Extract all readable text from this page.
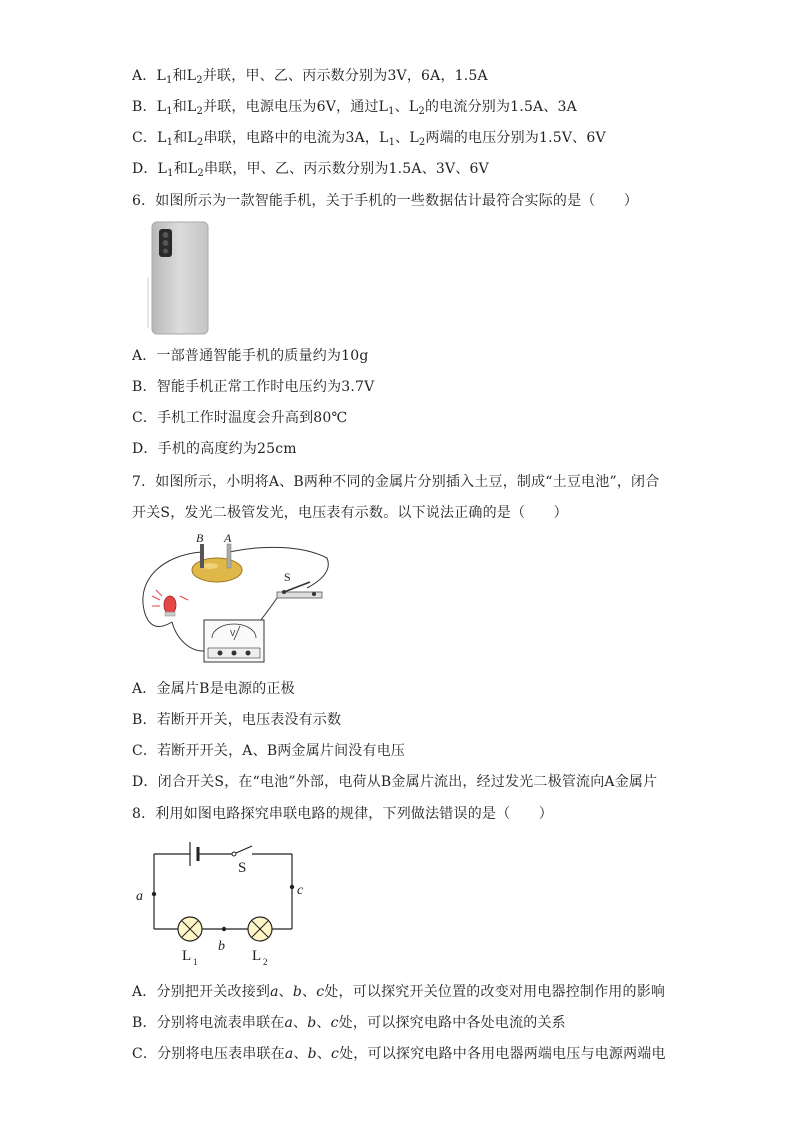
A．$L_1$和$L_2$并联，甲、乙、丙示数分别为3V，6A，1.5A
B．$L_1$和$L_2$并联，电源电压为6V，通过$L_1$、$L_2$的电流分别为1.5A、3A
C．$L_1$和$L_2$串联，电路中的电流为3A，$L_1$、$L_2$两端的电压分别为1.5V、6V
D．$L_1$和$L_2$串联，甲、乙、丙示数分别为1.5A、3V、6V
6．如图所示为一款智能手机，关于手机的一些数据估计最符合实际的是（　　）
A．一部普通智能手机的质量约为10g
B．智能手机正常工作时电压约为3.7V
C．手机工作时温度会升高到80℃
D．手机的高度约为25cm
7．如图所示，小明将A、B两种不同的金属片分别插入土豆，制成“土豆电池”，闭合
开关S，发光二极管发光，电压表有示数。以下说法正确的是（　　）
B A
S
V
A．金属片B是电源的正极
B．若断开开关，电压表没有示数
C．若断开开关，A、B两金属片间没有电压
D．闭合开关S，在“电池”外部，电荷从B金属片流出，经过发光二极管流向A金属片
8．利用如图电路探究串联电路的规律，下列做法错误的是（　　）
S
a	c
b
L 1	L 2
A．分别把开关改接到a、b、c处，可以探究开关位置的改变对用电器控制作用的影响
B．分别将电流表串联在a、b、c处，可以探究电路中各处电流的关系
C．分别将电压表串联在a、b、c处，可以探究电路中各用电器两端电压与电源两端电
